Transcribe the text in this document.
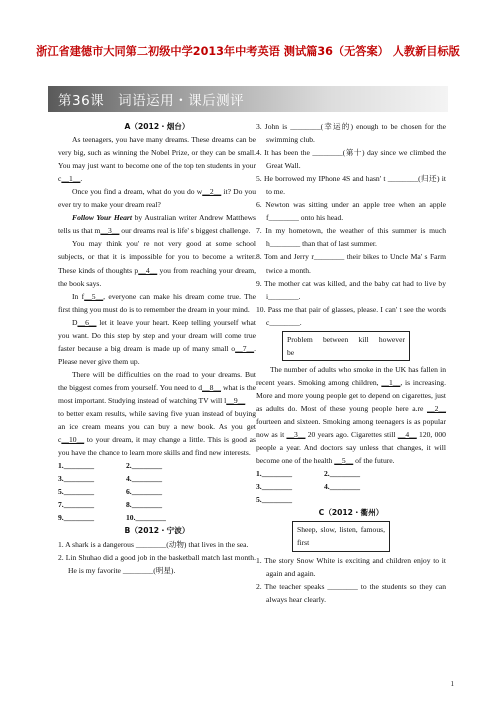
浙江省建德市大同第二初级中学2013年中考英语 测试篇36（无答案） 人教新目标版
第36课　词语运用・课后测评

A（2012・烟台）

As teenagers, you have many dreams. These dreams can be very big, such as winning the Nobel Prize, or they can be small. You may just want to become one of the top ten students in your c__1__.

Once you find a dream, what do you do w__2__ it? Do you ever try to make your dream real?

Follow Your Heart by Australian writer Andrew Matthews tells us that m__3__ our dreams real is life' s biggest challenge.

You may think you' re not very good at some school subjects, or that it is impossible for you to become a writer. These kinds of thoughts p__4__ you from reaching your dream, the book says.

In f__5__, everyone can make his dream come true. The first thing you must do is to remember the dream in your mind.

D__6__ let it leave your heart. Keep telling yourself what you want. Do this step by step and your dream will come true faster because a big dream is made up of many small o__7__. Please never give them up.

There will be difficulties on the road to your dreams. But the biggest comes from yourself. You need to d__8__ what is the most important. Studying instead of watching TV will l__9__

to better exam results, while saving five yuan instead of buying an ice cream means you can buy a new book. As you get c__10__ to your dream, it may change a little. This is good as you have the chance to learn more skills and find new interests.

1.________	2.________
3.________	4.________
5.________	6.________
7.________	8.________
9.________	10.________

B（2012・宁波）

1. A shark is a dangerous ________(动物) that lives in the sea.

2. Lin Shuhao did a good job in the basketball match last month. He is my favorite ________(明星).

3. John is ________(幸运的) enough to be chosen for the swimming club.

4. It has been the ________(第十) day since we climbed the Great Wall.

5. He borrowed my IPhone 4S and hasn' t ________(归还) it to me.

6. Newton was sitting under an apple tree when an apple f________ onto his head.

7. In my hometown, the weather of this summer is much h________ than that of last summer.

8. Tom and Jerry r________ their bikes to Uncle Ma' s Farm twice a month.

9. The mother cat was killed, and the baby cat had to live by i________.

10. Pass me that pair of glasses, please. I can' t see the words c________.

Problem　between　kill　however　be

The number of adults who smoke in the UK has fallen in recent years. Smoking among children, __1__, is increasing. More and more young people get to depend on cigarettes, just as adults do. Most of these young people here a.re __2__ fourteen and sixteen. Smoking among teenagers is as popular now as it __3__ 20 years ago. Cigarettes still __4__ 120, 000 people a year. And doctors say unless that changes, it will become one of the health __5__ of the future.

1.________	2.________
3.________	4.________
5.________

C（2012・衢州）

Sheep, slow, listen, famous, first

1. The story Snow White is exciting and children enjoy to it again and again.

2. The teacher speaks ________ to the students so they can always hear clearly.

1
